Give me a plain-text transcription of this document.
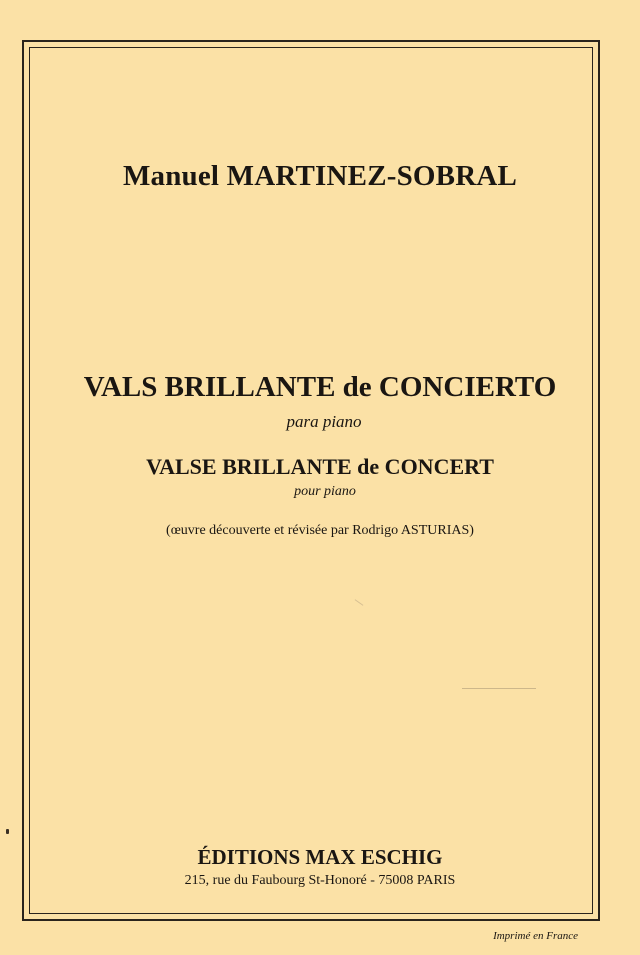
Manuel MARTINEZ-SOBRAL
VALS BRILLANTE de CONCIERTO
para piano
VALSE BRILLANTE de CONCERT
pour piano
(œuvre découverte et révisée par Rodrigo ASTURIAS)
ÉDITIONS MAX ESCHIG
215, rue du Faubourg St-Honoré - 75008 PARIS
Imprimé en France
